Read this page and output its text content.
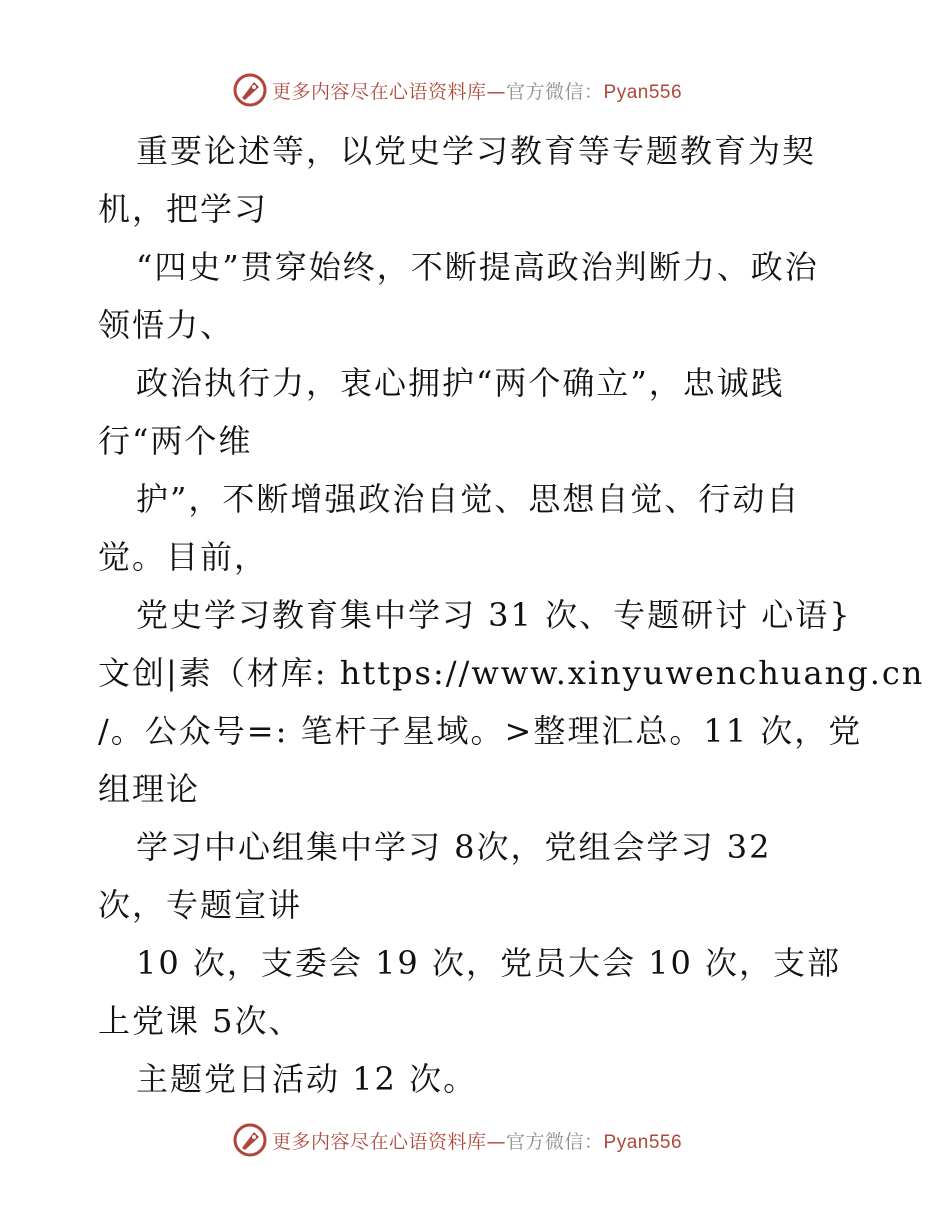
更多内容尽在心语资料库—官方微信：Pyan556
重要论述等，以党史学习教育等专题教育为契
机，把学习
“四史”贯穿始终，不断提高政治判断力、政治
领悟力、
政治执行力，衷心拥护“两个确立”，忠诚践
行“两个维
护”，不断增强政治自觉、思想自觉、行动自
觉。目前，
党史学习教育集中学习 31 次、专题研讨 心语}
文创|素（材库: https://www.xinyuwenchuang.cn
/。公众号=: 笔杆子星域。>整理汇总。11 次，党
组理论
学习中心组集中学习 8次，党组会学习 32
次，专题宣讲
10 次，支委会 19 次，党员大会 10 次，支部
上党课 5次、
主题党日活动 12 次。
更多内容尽在心语资料库—官方微信：Pyan556
